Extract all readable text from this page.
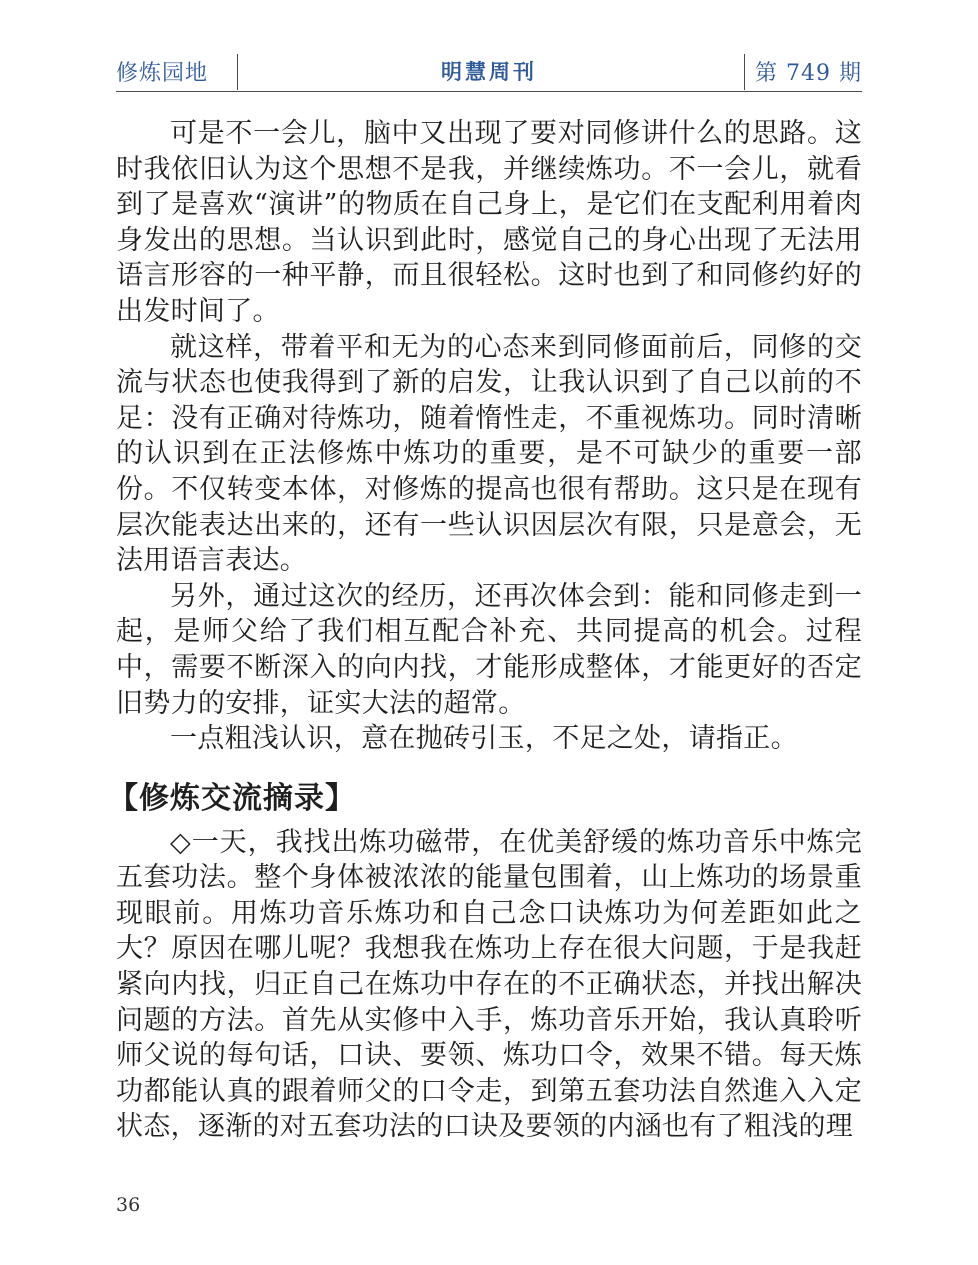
修炼园地	明慧周刊	第 749 期

可是不一会儿，脑中又出现了要对同修讲什么的思路。这时我依旧认为这个思想不是我，并继续炼功。不一会儿，就看到了是喜欢“演讲”的物质在自己身上，是它们在支配利用着肉身发出的思想。当认识到此时，感觉自己的身心出现了无法用语言形容的一种平静，而且很轻松。这时也到了和同修约好的出发时间了。

就这样，带着平和无为的心态来到同修面前后，同修的交流与状态也使我得到了新的启发，让我认识到了自己以前的不足：没有正确对待炼功，随着惰性走，不重视炼功。同时清晰的认识到在正法修炼中炼功的重要，是不可缺少的重要一部份。不仅转变本体，对修炼的提高也很有帮助。这只是在现有层次能表达出来的，还有一些认识因层次有限，只是意会，无法用语言表达。

另外，通过这次的经历，还再次体会到：能和同修走到一起，是师父给了我们相互配合补充、共同提高的机会。过程中，需要不断深入的向内找，才能形成整体，才能更好的否定旧势力的安排，证实大法的超常。

一点粗浅认识，意在抛砖引玉，不足之处，请指正。

【修炼交流摘录】

◇一天，我找出炼功磁带，在优美舒缓的炼功音乐中炼完五套功法。整个身体被浓浓的能量包围着，山上炼功的场景重现眼前。用炼功音乐炼功和自己念口诀炼功为何差距如此之大？原因在哪儿呢？我想我在炼功上存在很大问题，于是我赶紧向内找，归正自己在炼功中存在的不正确状态，并找出解决问题的方法。首先从实修中入手，炼功音乐开始，我认真聆听师父说的每句话，口诀、要领、炼功口令，效果不错。每天炼功都能认真的跟着师父的口令走，到第五套功法自然進入入定状态，逐渐的对五套功法的口诀及要领的内涵也有了粗浅的理

36
